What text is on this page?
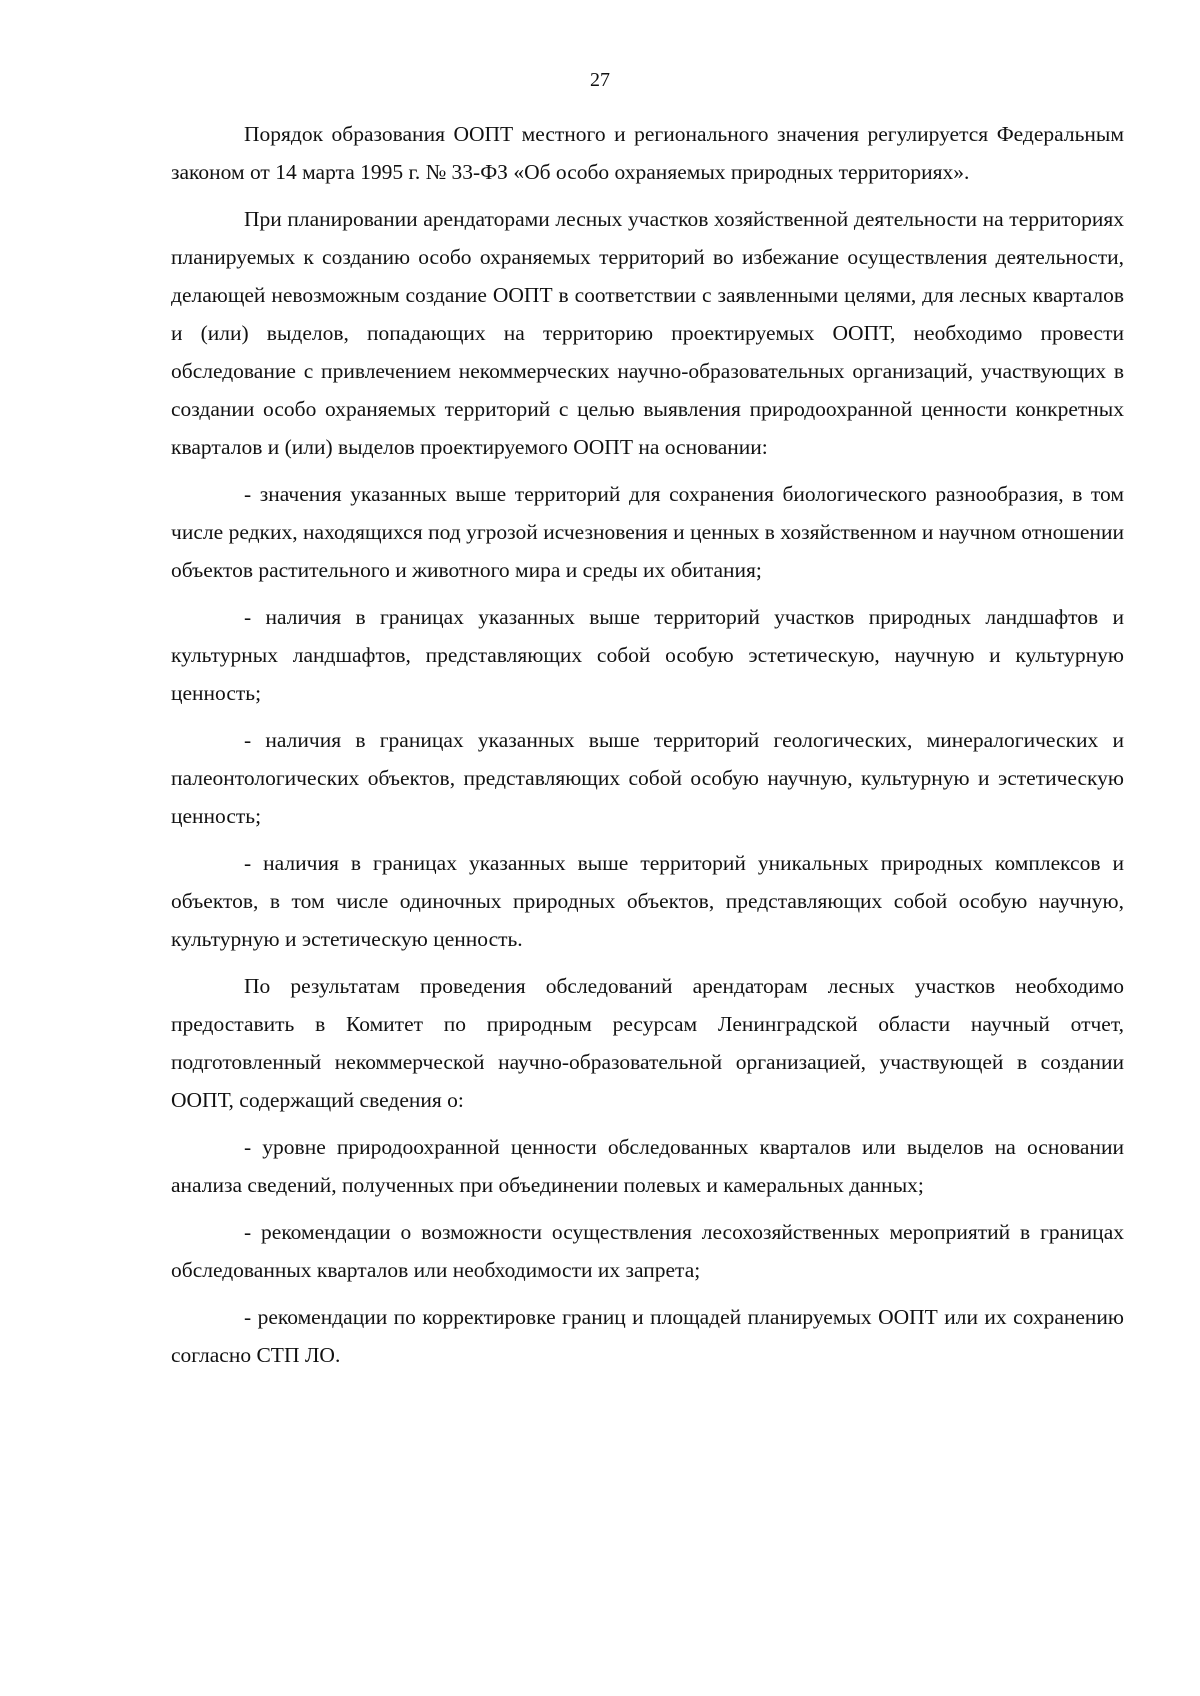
27

Порядок образования ООПТ местного и регионального значения регулируется Федеральным законом от 14 марта 1995 г. № 33-ФЗ «Об особо охраняемых природных территориях».

При планировании арендаторами лесных участков хозяйственной деятельности на территориях планируемых к созданию особо охраняемых территорий во избежание осуществления деятельности, делающей невозможным создание ООПТ в соответствии с заявленными целями, для лесных кварталов и (или) выделов, попадающих на территорию проектируемых ООПТ, необходимо провести обследование с привлечением некоммерческих научно-образовательных организаций, участвующих в создании особо охраняемых территорий с целью выявления природоохранной ценности конкретных кварталов и (или) выделов проектируемого ООПТ на основании:

- значения указанных выше территорий для сохранения биологического разнообразия, в том числе редких, находящихся под угрозой исчезновения и ценных в хозяйственном и научном отношении объектов растительного и животного мира и среды их обитания;

- наличия в границах указанных выше территорий участков природных ландшафтов и культурных ландшафтов, представляющих собой особую эстетическую, научную и культурную ценность;

- наличия в границах указанных выше территорий геологических, минералогических и палеонтологических объектов, представляющих собой особую научную, культурную и эстетическую ценность;

- наличия в границах указанных выше территорий уникальных природных комплексов и объектов, в том числе одиночных природных объектов, представляющих собой особую научную, культурную и эстетическую ценность.

По результатам проведения обследований арендаторам лесных участков необходимо предоставить в Комитет по природным ресурсам Ленинградской области научный отчет, подготовленный некоммерческой научно-образовательной организацией, участвующей в создании ООПТ, содержащий сведения о:

- уровне природоохранной ценности обследованных кварталов или выделов на основании анализа сведений, полученных при объединении полевых и камеральных данных;

- рекомендации о возможности осуществления лесохозяйственных мероприятий в границах обследованных кварталов или необходимости их запрета;

- рекомендации по корректировке границ и площадей планируемых ООПТ или их сохранению согласно СТП ЛО.
